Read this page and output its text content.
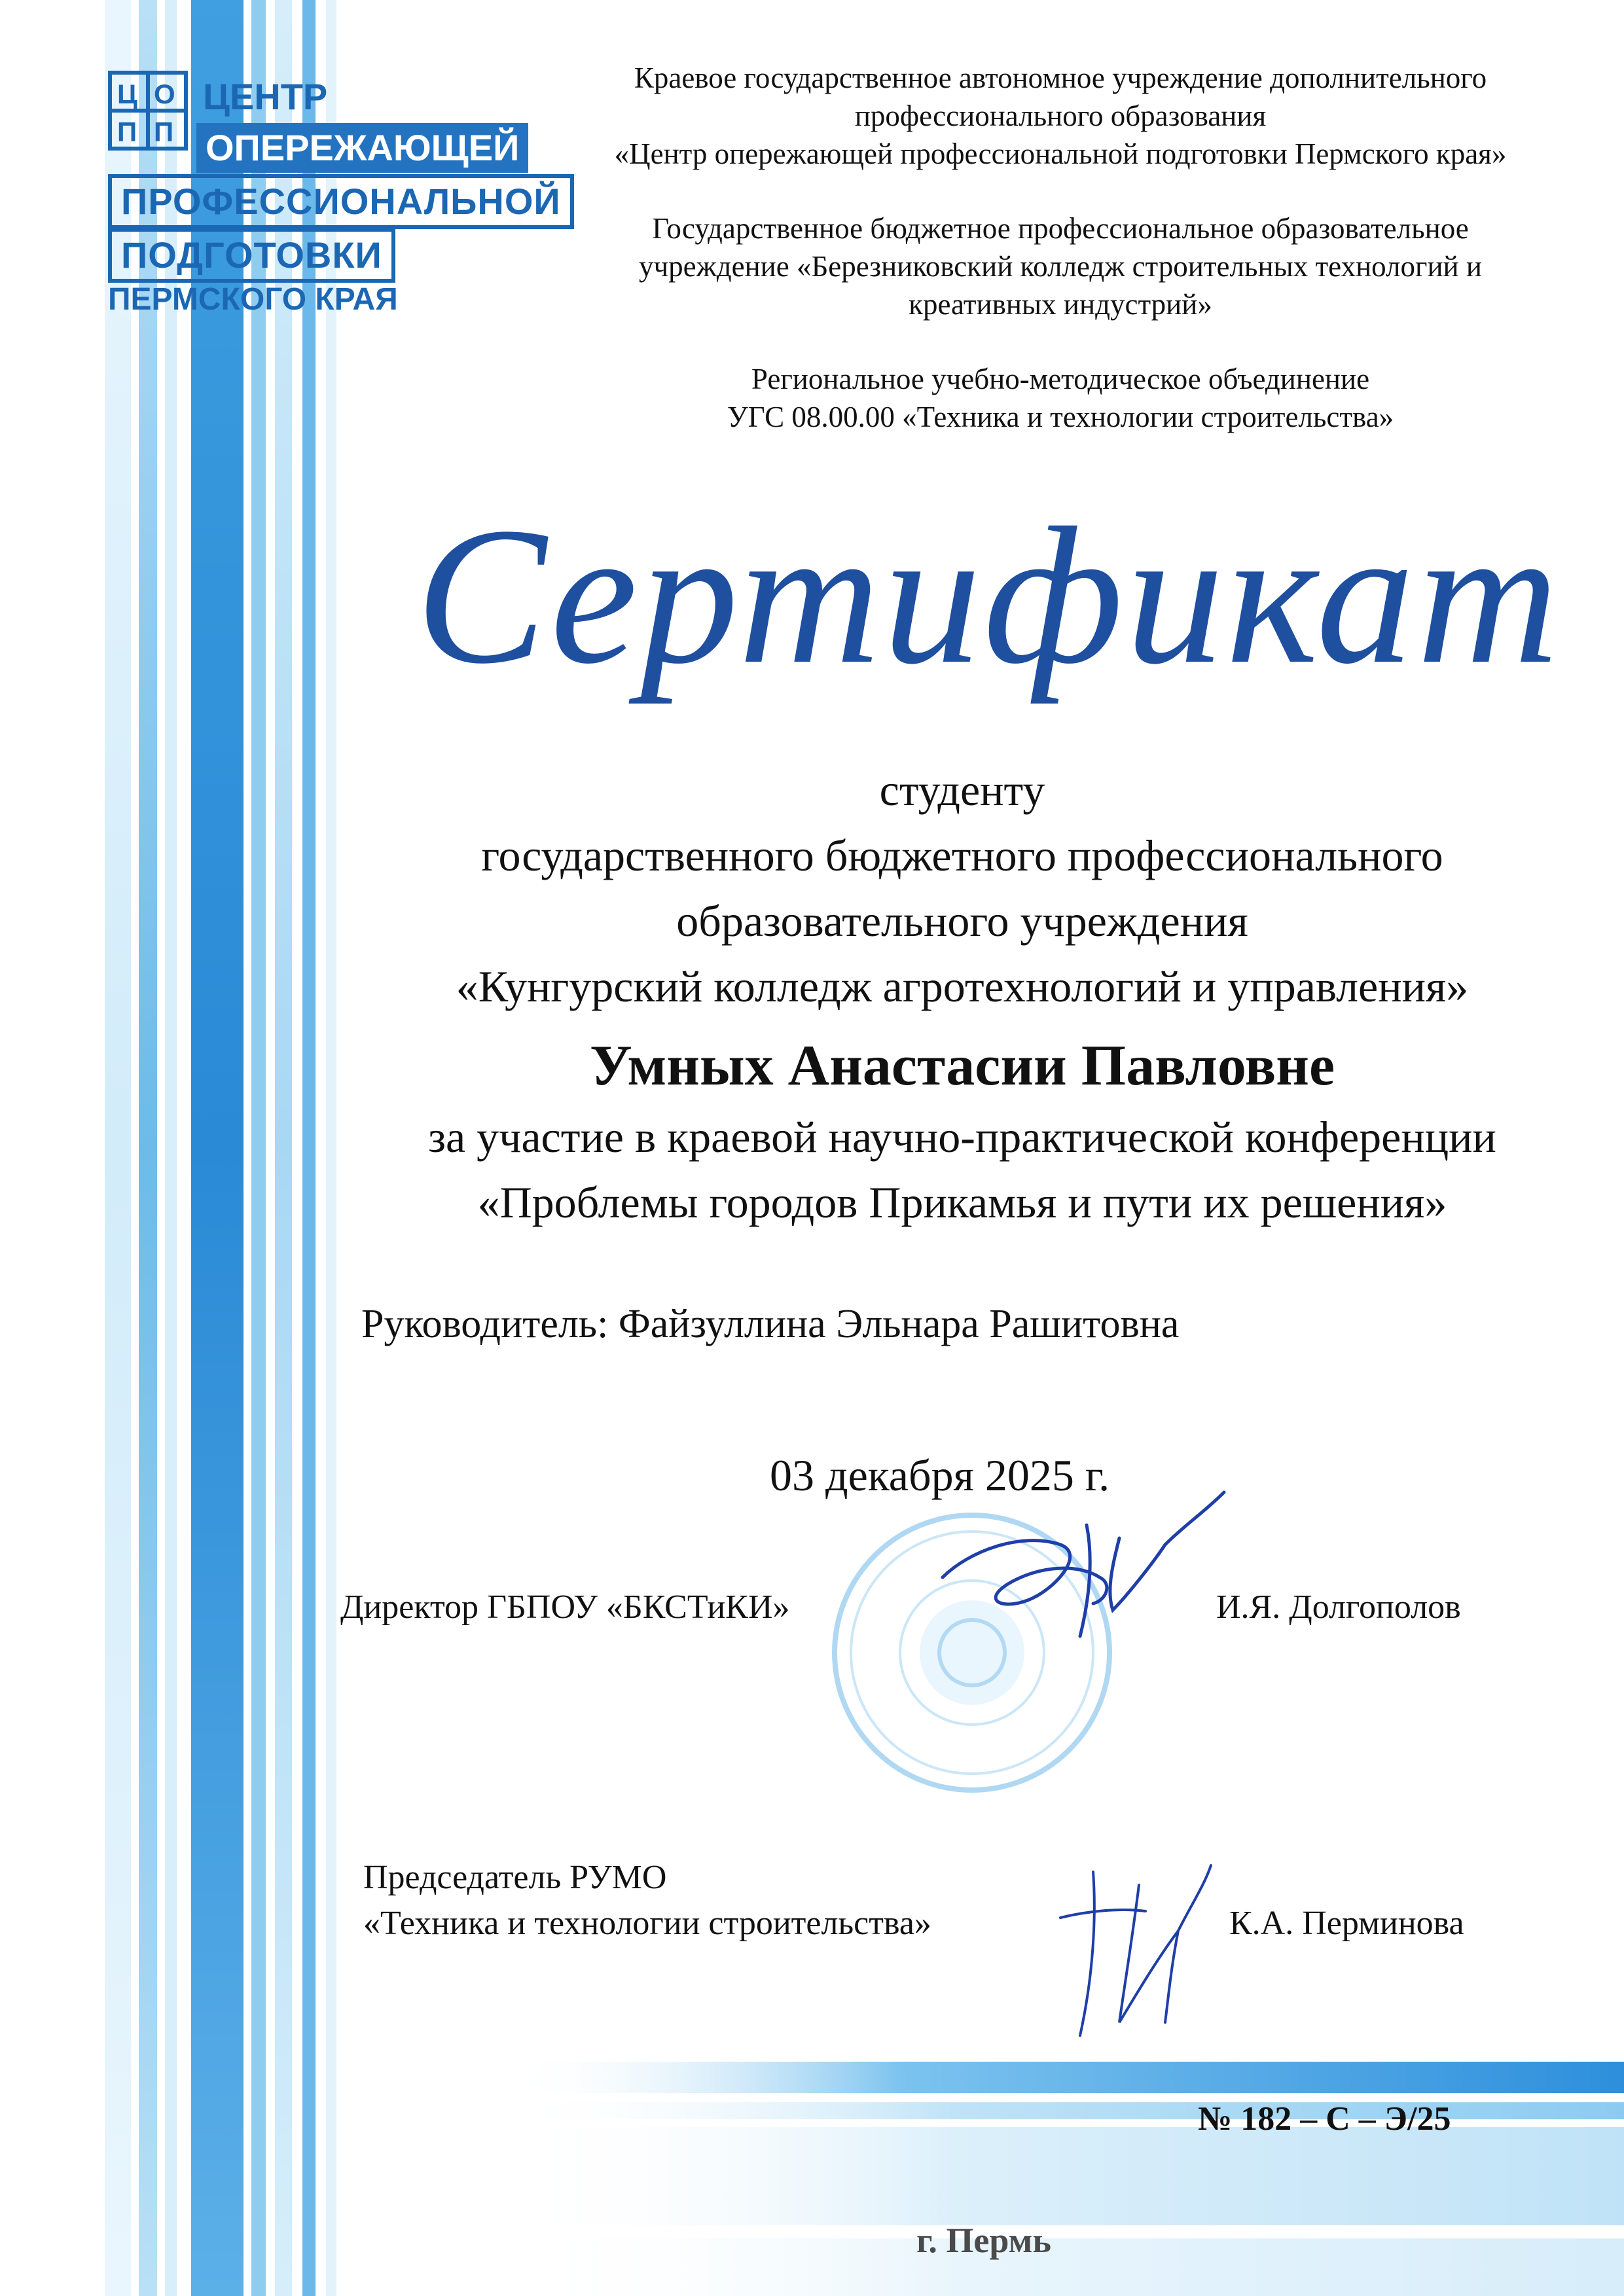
Ц О
П П
ЦЕНТР
ОПЕРЕЖАЮЩЕЙ
ПРОФЕССИОНАЛЬНОЙ
ПОДГОТОВКИ
ПЕРМСКОГО КРАЯ
Краевое государственное автономное учреждение дополнительного
профессионального образования
«Центр опережающей профессиональной подготовки Пермского края»
Государственное бюджетное профессиональное образовательное
учреждение «Березниковский колледж строительных технологий и
креативных индустрий»
Региональное учебно-методическое объединение
УГС 08.00.00 «Техника и технологии строительства»
Сертификат
студенту
государственного бюджетного профессионального
образовательного учреждения
«Кунгурский колледж агротехнологий и управления»
Умных Анастасии Павловне
за участие в краевой научно-практической конференции
«Проблемы городов Прикамья и пути их решения»
Руководитель: Файзуллина Эльнара Рашитовна
03 декабря 2025 г.
Директор ГБПОУ «БКСТиКИ»	И.Я. Долгополов
Председатель РУМО
«Техника и технологии строительства»	К.А. Перминова
№ 182 – С – Э/25
г. Пермь
